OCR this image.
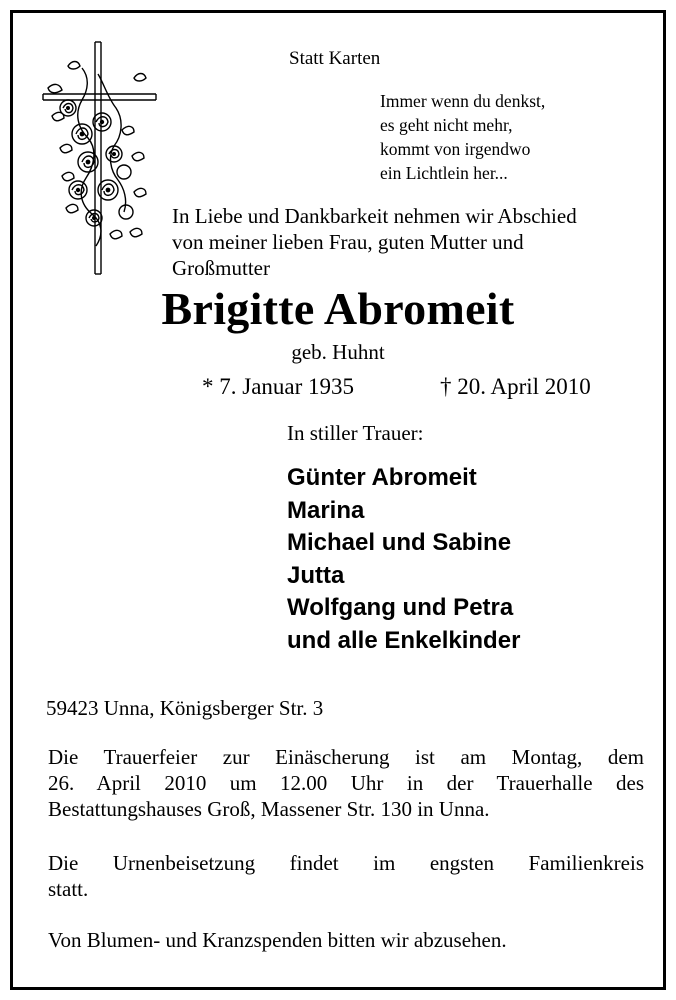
Statt Karten
Immer wenn du denkst,
es geht nicht mehr,
kommt von irgendwo
ein Lichtlein her...
In Liebe und Dankbarkeit nehmen wir Abschied
von meiner lieben Frau, guten Mutter und
Großmutter
Brigitte Abromeit
geb. Huhnt
* 7. Januar 1935	† 20. April 2010
In stiller Trauer:
Günter Abromeit
Marina
Michael und Sabine
Jutta
Wolfgang und Petra
und alle Enkelkinder
59423 Unna, Königsberger Str. 3
Die Trauerfeier zur Einäscherung ist am Montag, dem
26. April 2010 um 12.00 Uhr in der Trauerhalle des
Bestattungshauses Groß, Massener Str. 130 in Unna.
Die Urnenbeisetzung findet im engsten Familienkreis
statt.
Von Blumen- und Kranzspenden bitten wir abzusehen.
